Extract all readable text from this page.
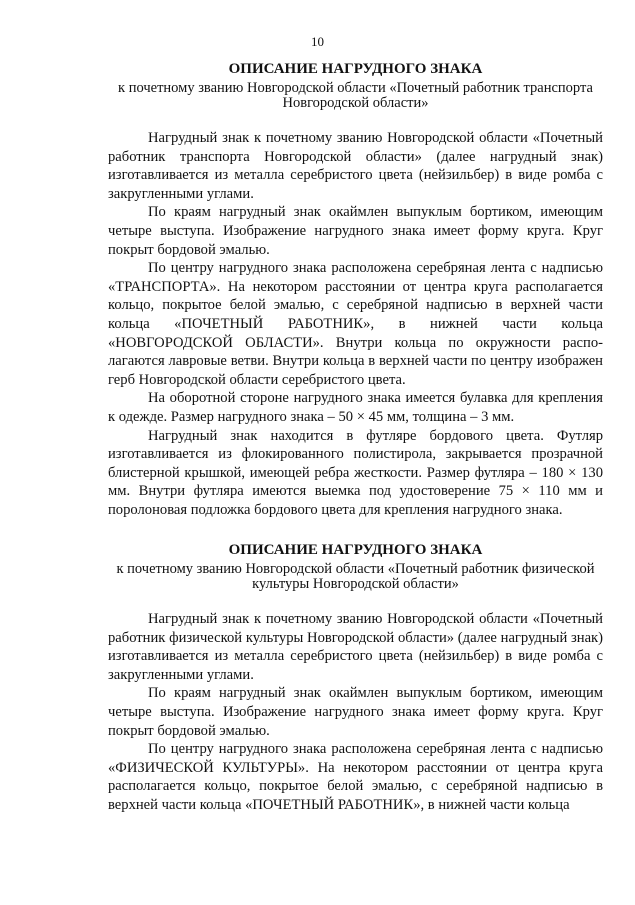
10
ОПИСАНИЕ НАГРУДНОГО ЗНАКА

к почетному званию Новгородской области «Почетный работник транспорта Новгородской области»

Нагрудный знак к почетному званию Новгородской области «Почетный работник транспорта Новгородской области» (далее нагрудный знак) изготавливается из металла серебристого цвета (нейзильбер) в виде ромба с закругленными углами.

По краям нагрудный знак окаймлен выпуклым бортиком, имеющим четыре выступа. Изображение нагрудного знака имеет форму круга. Круг покрыт бордовой эмалью.

По центру нагрудного знака расположена серебряная лента с надписью «ТРАНСПОРТА». На некотором расстоянии от центра круга располагается кольцо, покрытое белой эмалью, с серебряной надписью в верхней части кольца «ПОЧЕТНЫЙ РАБОТНИК», в нижней части кольца «НОВГОРОДСКОЙ ОБЛАСТИ». Внутри кольца по окружности распо-лагаются лавровые ветви. Внутри кольца в верхней части по центру изображен герб Новгородской области серебристого цвета.

На оборотной стороне нагрудного знака имеется булавка для крепления к одежде. Размер нагрудного знака – 50 × 45 мм, толщина – 3 мм.

Нагрудный знак находится в футляре бордового цвета. Футляр изготавливается из флокированного полистирола, закрывается прозрачной блистерной крышкой, имеющей ребра жесткости. Размер футляра – 180 × 130 мм. Внутри футляра имеются выемка под удостоверение 75 × 110 мм и поролоновая подложка бордового цвета для крепления нагрудного знака.

ОПИСАНИЕ НАГРУДНОГО ЗНАКА

к почетному званию Новгородской области «Почетный работник физической культуры Новгородской области»

Нагрудный знак к почетному званию Новгородской области «Почетный работник физической культуры Новгородской области» (далее нагрудный знак) изготавливается из металла серебристого цвета (нейзильбер) в виде ромба с закругленными углами.

По краям нагрудный знак окаймлен выпуклым бортиком, имеющим четыре выступа. Изображение нагрудного знака имеет форму круга. Круг покрыт бордовой эмалью.

По центру нагрудного знака расположена серебряная лента с надписью «ФИЗИЧЕСКОЙ КУЛЬТУРЫ». На некотором расстоянии от центра круга располагается кольцо, покрытое белой эмалью, с серебряной надписью в верхней части кольца «ПОЧЕТНЫЙ РАБОТНИК», в нижней части кольца
